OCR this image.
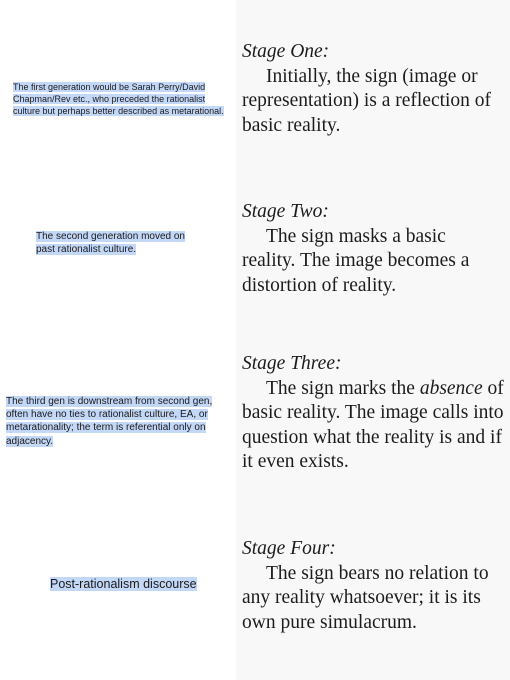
The first generation would be Sarah Perry/David Chapman/Rev etc., who preceded the rationalist culture but perhaps better described as metarational.
The second generation moved on past rationalist culture.
The third gen is downstream from second gen, often have no ties to rationalist culture, EA, or metarationality; the term is referential only on adjacency.
Post-rationalism discourse
Stage One:
Initially, the sign (image or representation) is a reflection of basic reality.
Stage Two:
The sign masks a basic reality. The image becomes a distortion of reality.
Stage Three:
The sign marks the absence of basic reality. The image calls into question what the reality is and if it even exists.
Stage Four:
The sign bears no relation to any reality whatsoever; it is its own pure simulacrum.
